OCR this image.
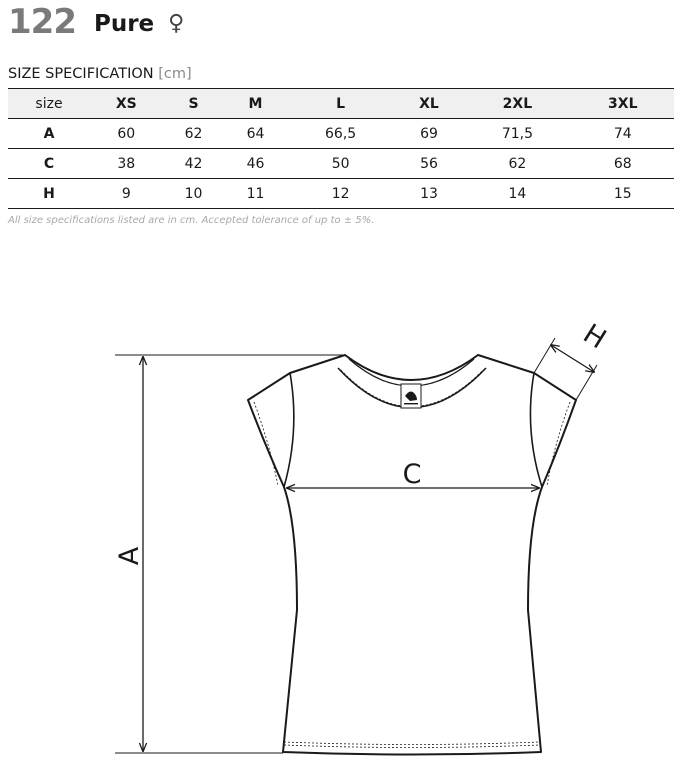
122 Pure ♀
SIZE SPECIFICATION [cm]
size	XS	S	M	L	XL	2XL	3XL
A	60	62	64	66,5	69	71,5	74
C	38	42	46	50	56	62	68
H	9	10	11	12	13	14	15
All size specifications listed are in cm. Accepted tolerance of up to ± 5%.
A
C
H
